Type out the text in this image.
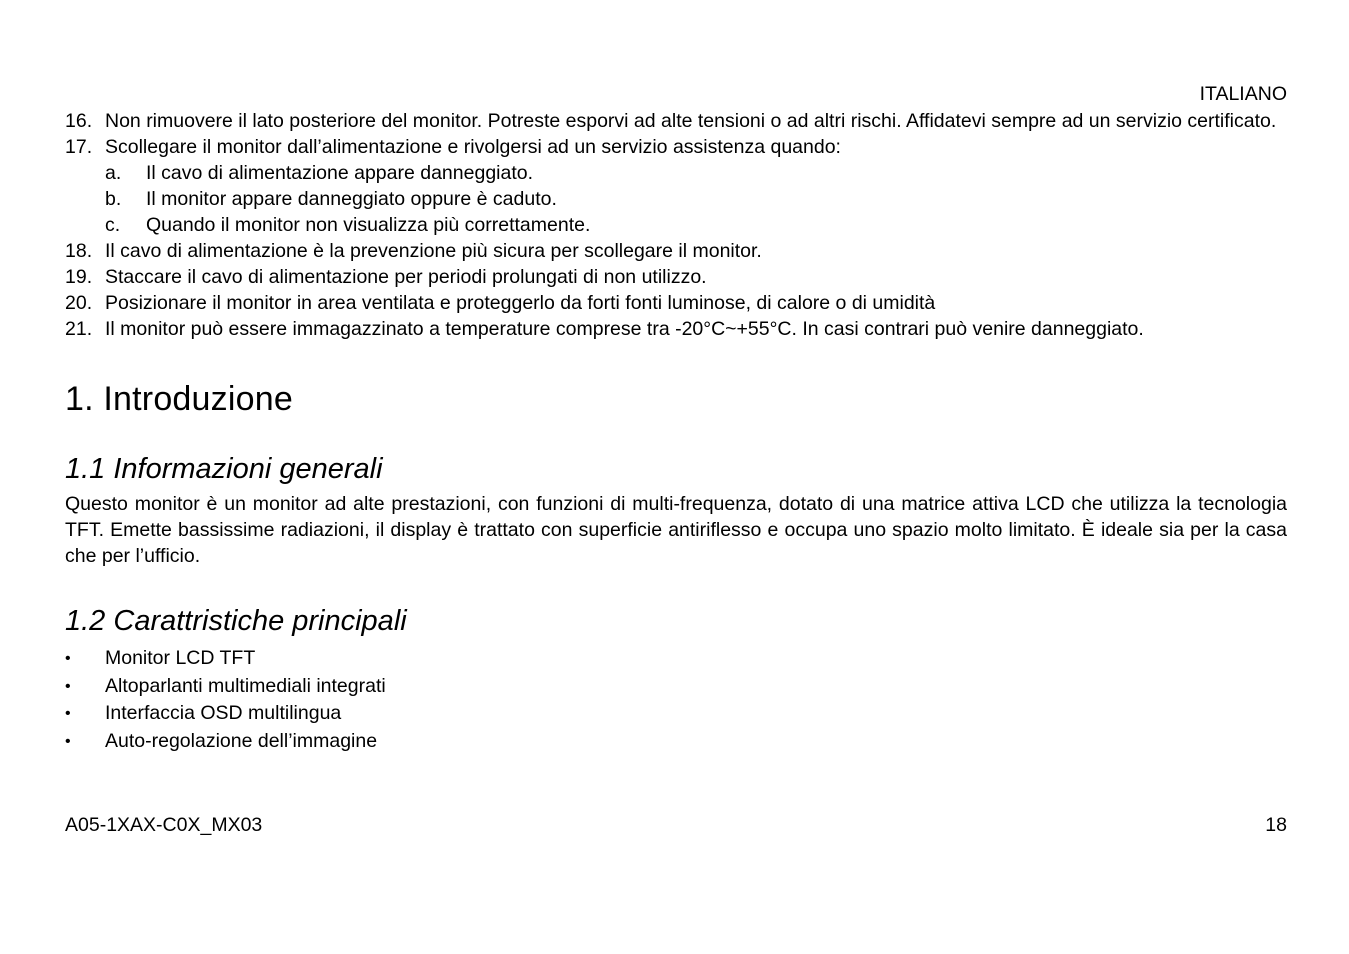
ITALIANO
16. Non rimuovere il lato posteriore del monitor. Potreste esporvi ad alte tensioni o ad altri rischi. Affidatevi sempre ad un servizio certificato.
17. Scollegare il monitor dall’alimentazione e rivolgersi ad un servizio assistenza quando:
a.	Il cavo di alimentazione appare danneggiato.
b.	Il monitor appare danneggiato oppure è caduto.
c.	Quando il monitor non visualizza più correttamente.
18. Il cavo di alimentazione è la prevenzione più sicura per scollegare il monitor.
19. Staccare il cavo di alimentazione per periodi prolungati di non utilizzo.
20. Posizionare il monitor in area ventilata e proteggerlo da forti fonti luminose, di calore o di umidità
21. Il monitor può essere immagazzinato a temperature comprese tra -20°C~+55°C. In casi contrari può venire danneggiato.
1. Introduzione
1.1 Informazioni generali

Questo monitor è un monitor ad alte prestazioni, con funzioni di multi-frequenza, dotato di una matrice attiva LCD che utilizza la tecnologia TFT. Emette bassissime radiazioni, il display è trattato con superficie antiriflesso e occupa uno spazio molto limitato. È ideale sia per la casa che per l’ufficio.

1.2 Carattristiche principali
•	Monitor LCD TFT
•	Altoparlanti multimediali integrati
•	Interfaccia OSD multilingua
•	Auto-regolazione dell’immagine
A05-1XAX-C0X_MX03	18
